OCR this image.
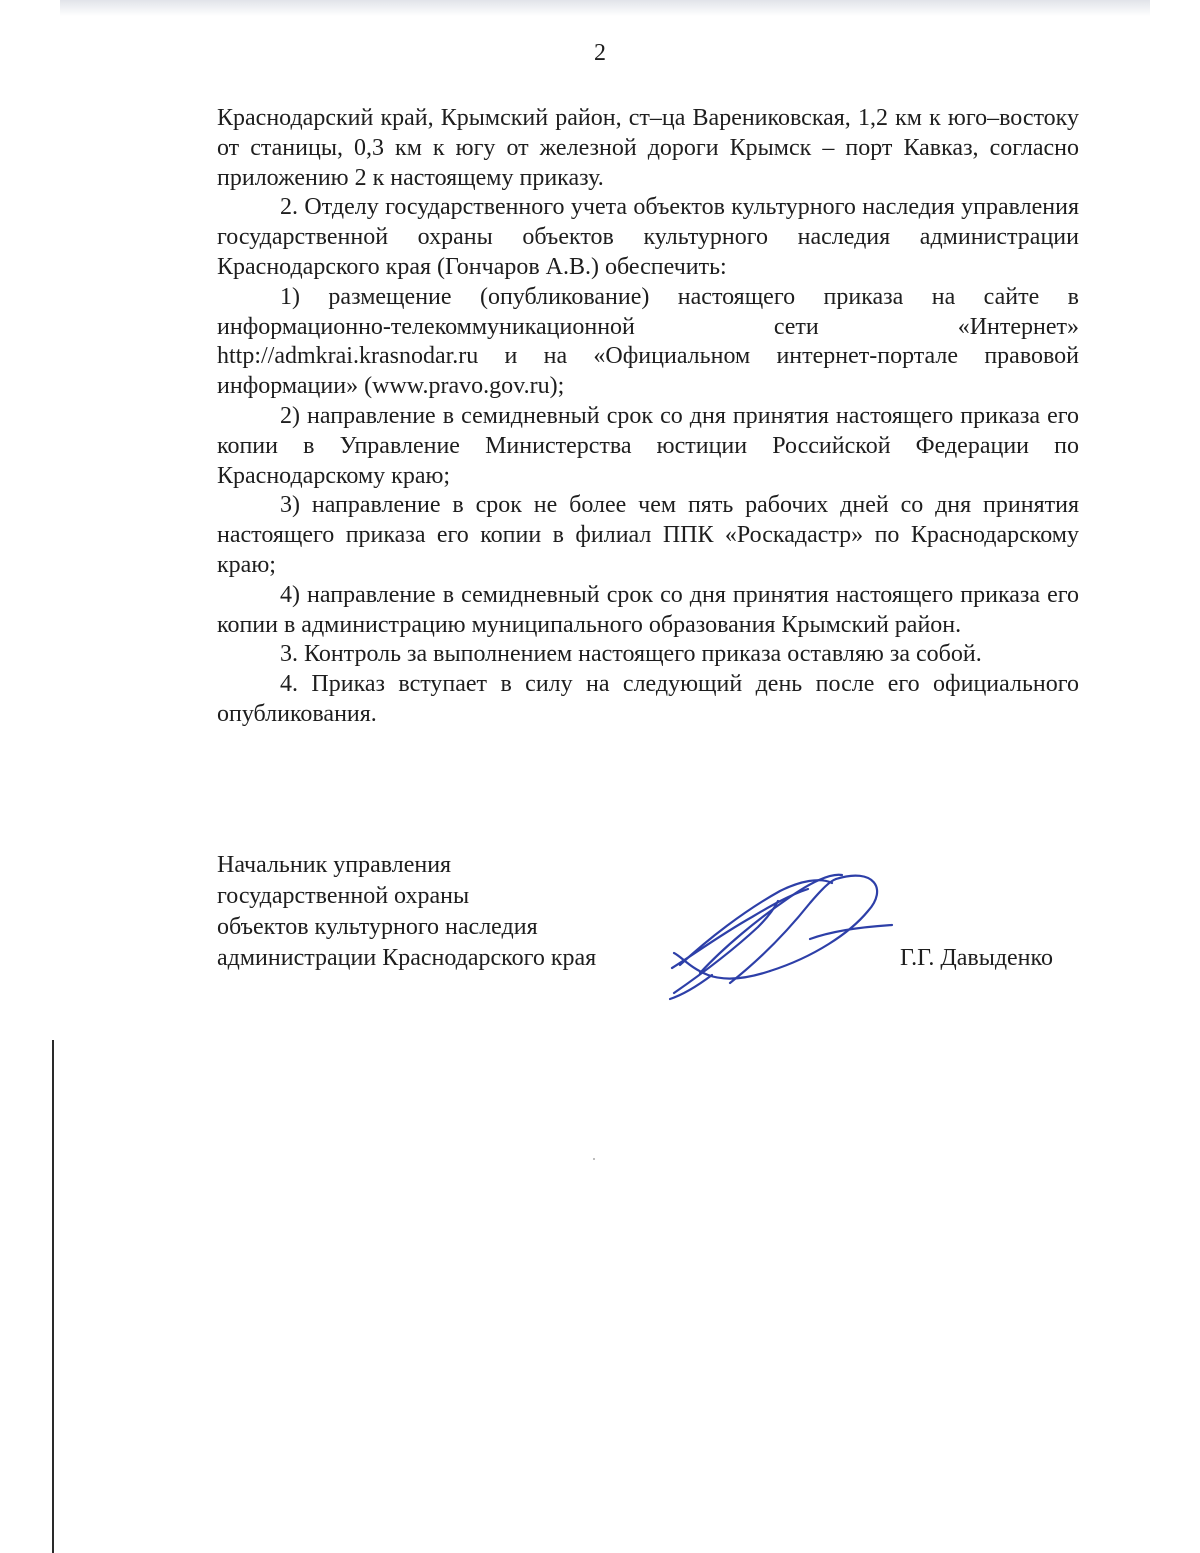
2

Краснодарский край, Крымский район, ст–ца Варениковская, 1,2 км к юго–востоку от станицы, 0,3 км к югу от железной дороги Крымск – порт Кавказ, согласно приложению 2 к настоящему приказу.

2. Отделу государственного учета объектов культурного наследия управления государственной охраны объектов культурного наследия администрации Краснодарского края (Гончаров А.В.) обеспечить:

1) размещение (опубликование) настоящего приказа на сайте в информационно-телекоммуникационной сети «Интернет» http://admkrai.krasnodar.ru и на «Официальном интернет-портале правовой информации» (www.pravo.gov.ru);

2) направление в семидневный срок со дня принятия настоящего приказа его копии в Управление Министерства юстиции Российской Федерации по Краснодарскому краю;

3) направление в срок не более чем пять рабочих дней со дня принятия настоящего приказа его копии в филиал ППК «Роскадастр» по Краснодарскому краю;

4) направление в семидневный срок со дня принятия настоящего приказа его копии в администрацию муниципального образования Крымский район.

3. Контроль за выполнением настоящего приказа оставляю за собой.

4. Приказ вступает в силу на следующий день после его официального опубликования.

Начальник управления
государственной охраны
объектов культурного наследия
администрации Краснодарского края	Г.Г. Давыденко
